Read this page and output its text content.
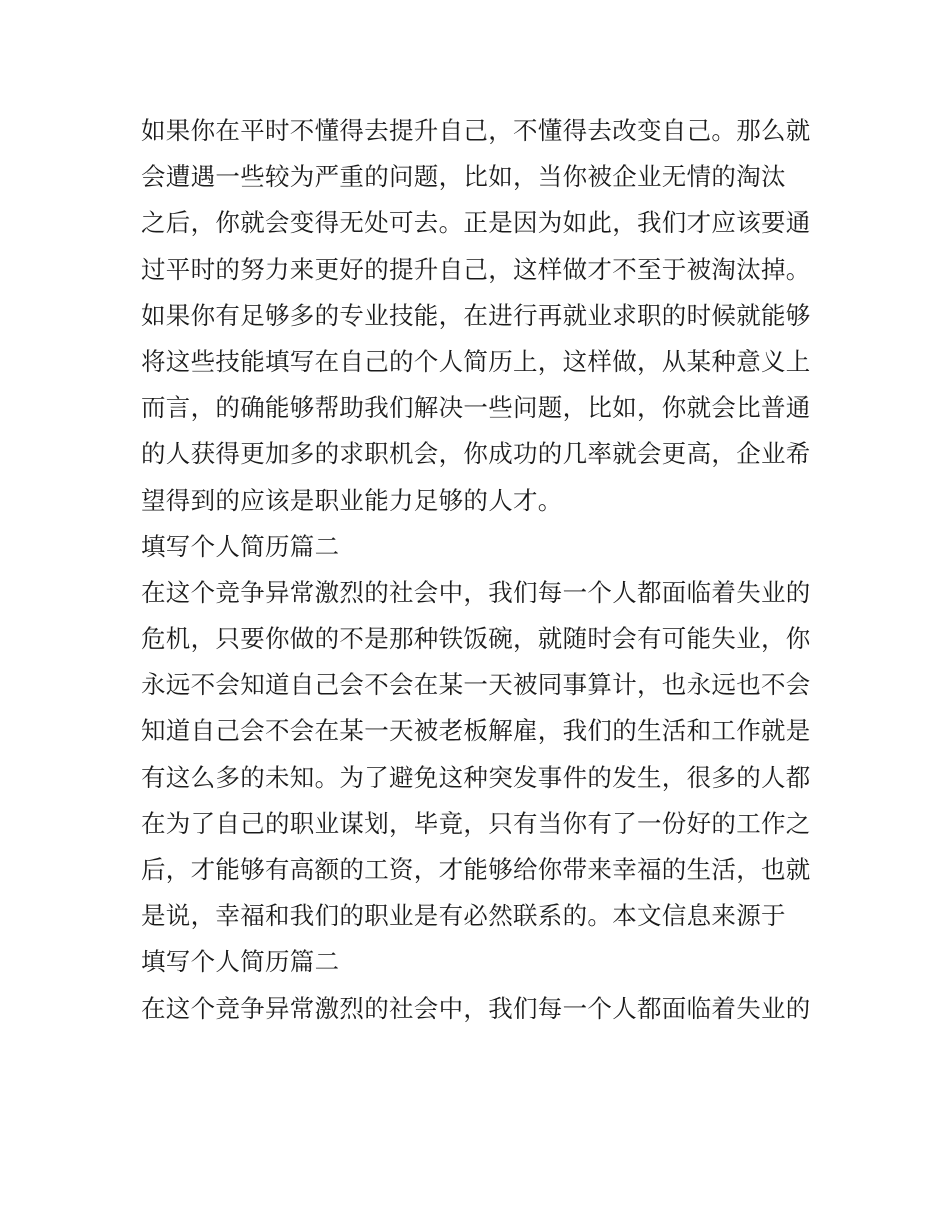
如果你在平时不懂得去提升自己，不懂得去改变自己。那么就
会遭遇一些较为严重的问题，比如，当你被企业无情的淘汰
之后，你就会变得无处可去。正是因为如此，我们才应该要通
过平时的努力来更好的提升自己，这样做才不至于被淘汰掉。
如果你有足够多的专业技能，在进行再就业求职的时候就能够
将这些技能填写在自己的个人简历上，这样做，从某种意义上
而言，的确能够帮助我们解决一些问题，比如，你就会比普通
的人获得更加多的求职机会，你成功的几率就会更高，企业希
望得到的应该是职业能力足够的人才。
填写个人简历篇二
在这个竞争异常激烈的社会中，我们每一个人都面临着失业的
危机，只要你做的不是那种铁饭碗，就随时会有可能失业，你
永远不会知道自己会不会在某一天被同事算计，也永远也不会
知道自己会不会在某一天被老板解雇，我们的生活和工作就是
有这么多的未知。为了避免这种突发事件的发生，很多的人都
在为了自己的职业谋划，毕竟，只有当你有了一份好的工作之
后，才能够有高额的工资，才能够给你带来幸福的生活，也就
是说，幸福和我们的职业是有必然联系的。本文信息来源于
填写个人简历篇二
在这个竞争异常激烈的社会中，我们每一个人都面临着失业的
